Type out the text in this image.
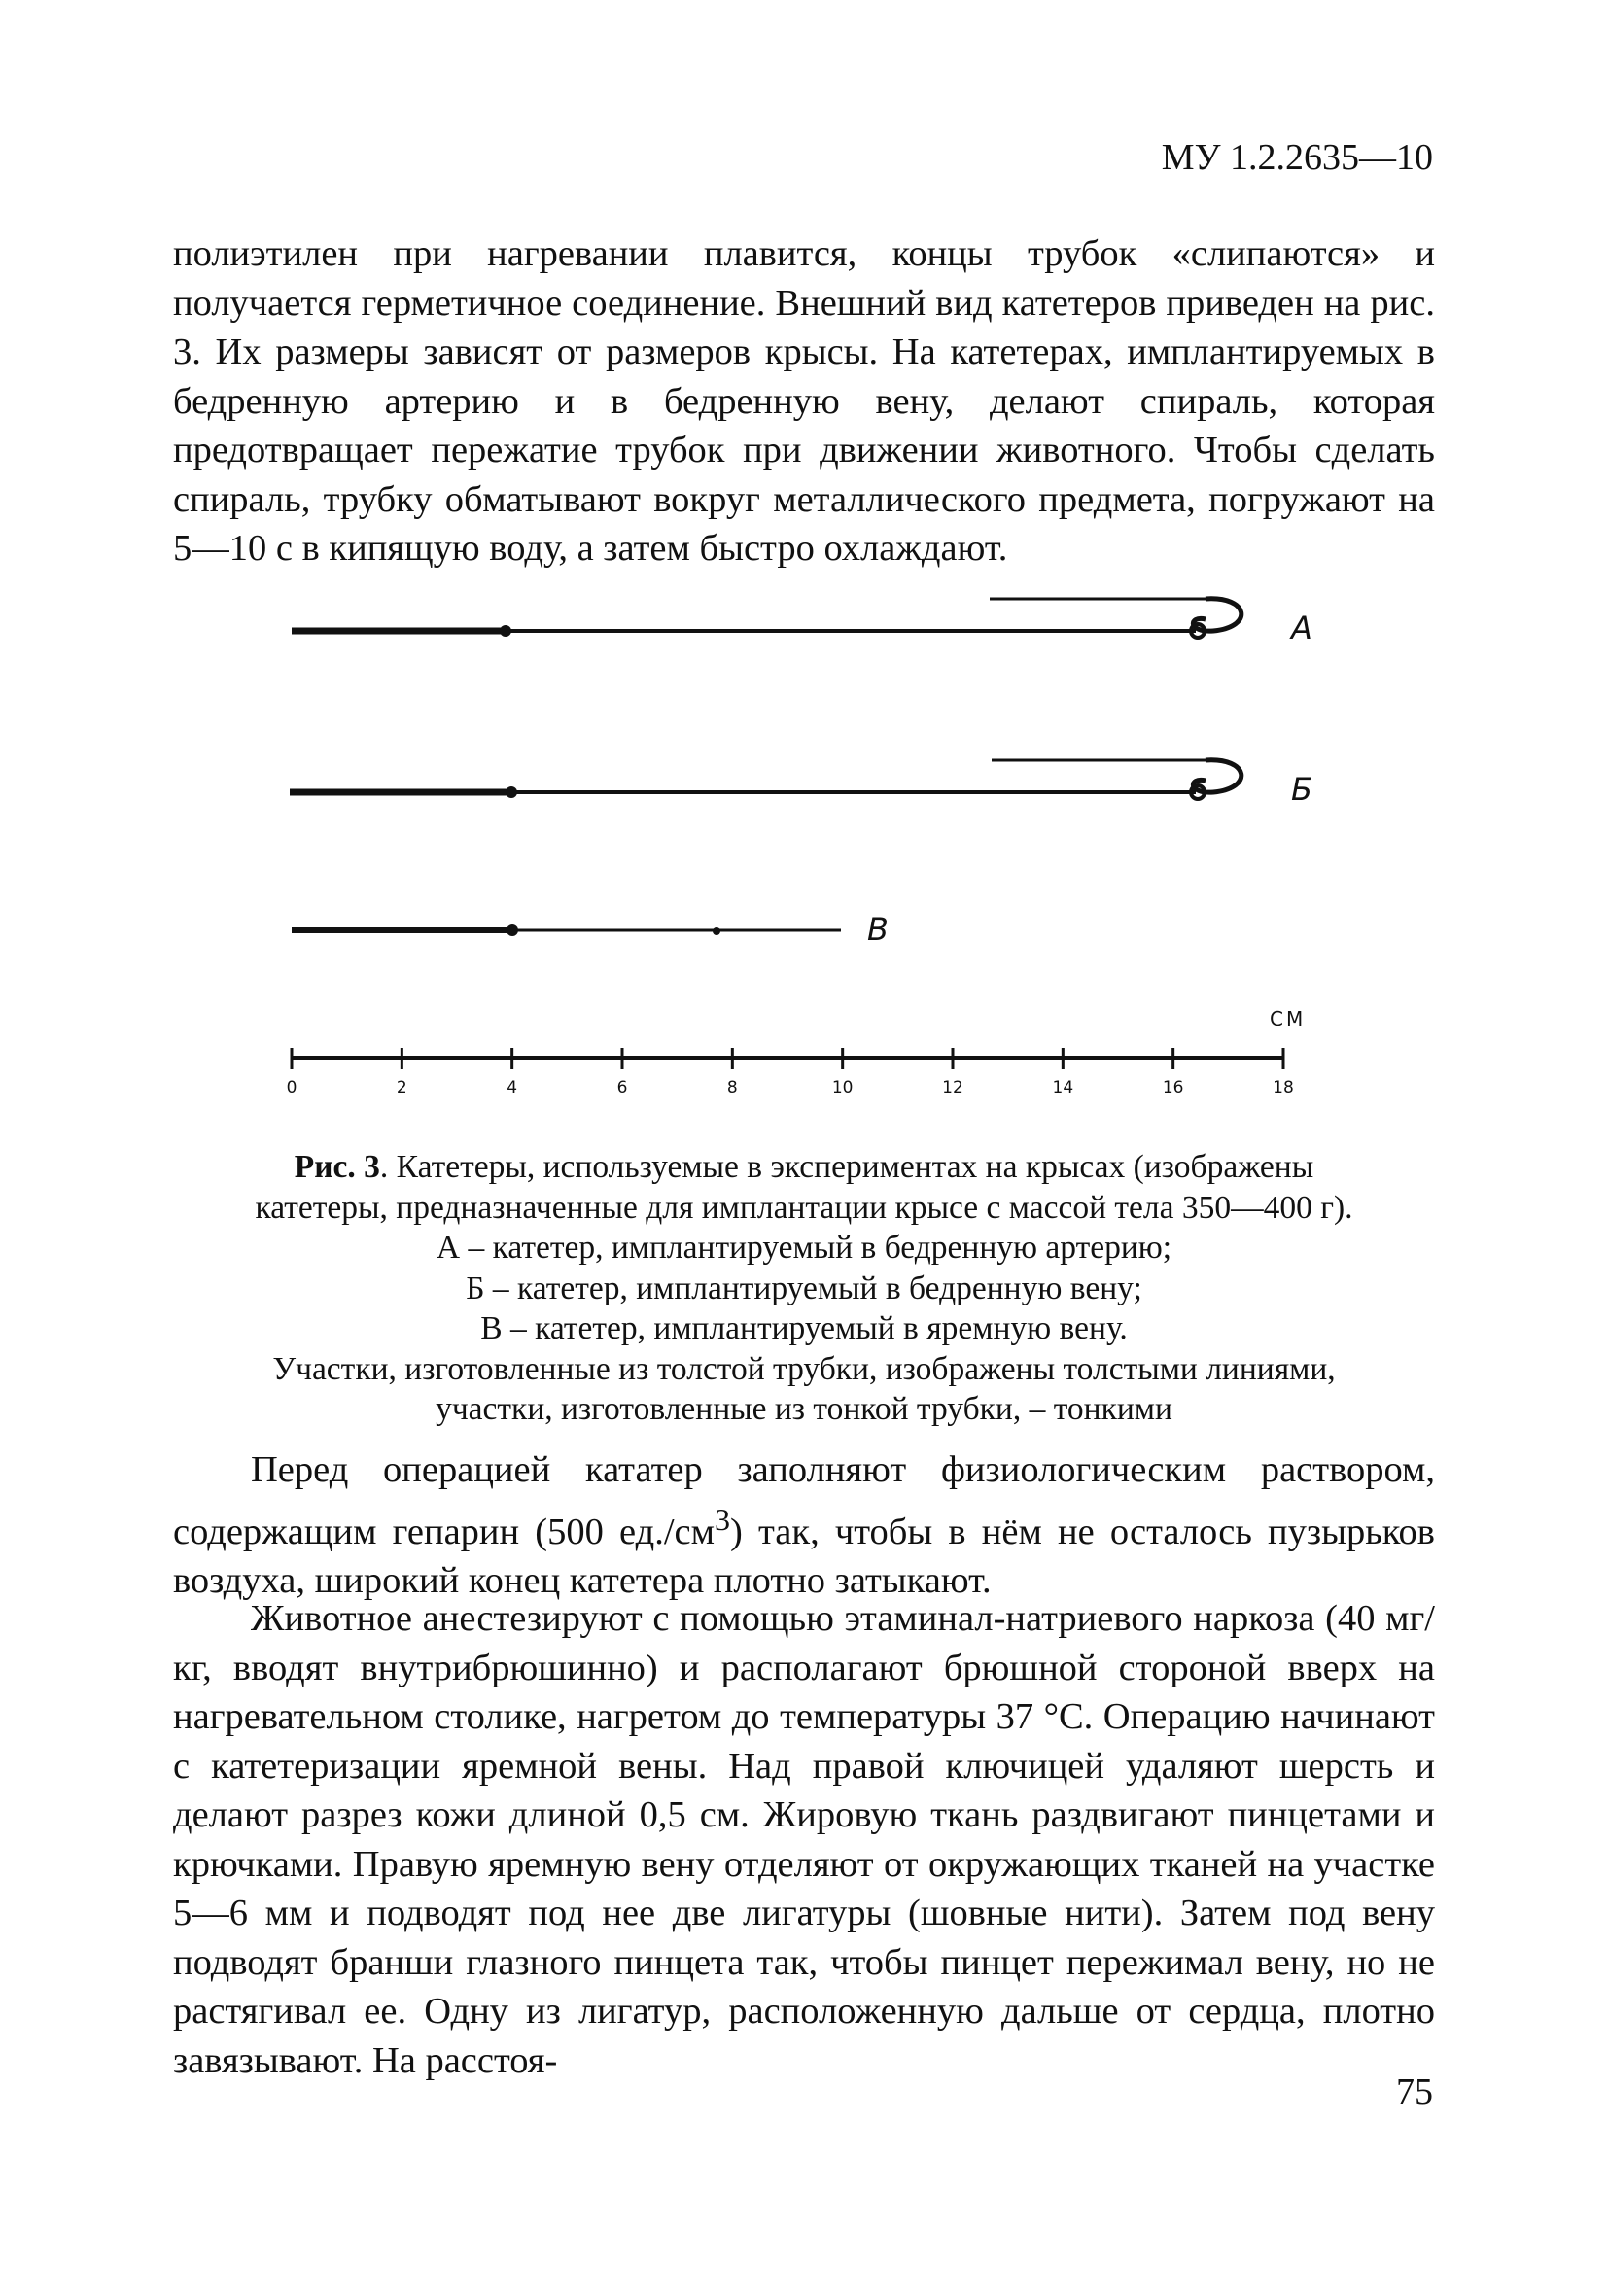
МУ 1.2.2635—10

полиэтилен при нагревании плавится, концы трубок «слипаются» и получается герметичное соединение. Внешний вид катетеров приведен на рис. 3. Их размеры зависят от размеров крысы. На катетерах, имплантируемых в бедренную артерию и в бедренную вену, делают спираль, которая предотвращает пережатие трубок при движении животного. Чтобы сделать спираль, трубку обматывают вокруг металлического предмета, погружают на 5—10 с в кипящую воду, а затем быстро охлаждают.

А
Б
В
СМ
0	2	4	6	8	10	12	14	16	18
Рис. 3. Катетеры, используемые в экспериментах на крысах (изображены
катетеры, предназначенные для имплантации крысе с массой тела 350—400 г).
А – катетер, имплантируемый в бедренную артерию;
Б – катетер, имплантируемый в бедренную вену;
В – катетер, имплантируемый в яремную вену.
Участки, изготовленные из толстой трубки, изображены толстыми линиями,
участки, изготовленные из тонкой трубки, – тонкими

Перед операцией кататер заполняют физиологическим раствором, содержащим гепарин (500 $ед./см^3$) так, чтобы в нём не осталось пузырьков воздуха, широкий конец катетера плотно затыкают.

Животное анестезируют с помощью этаминал-натриевого наркоза (40 мг/кг, вводят внутрибрюшинно) и располагают брюшной стороной вверх на нагревательном столике, нагретом до температуры 37 °С. Операцию начинают с катетеризации яремной вены. Над правой ключицей удаляют шерсть и делают разрез кожи длиной 0,5 см. Жировую ткань раздвигают пинцетами и крючками. Правую яремную вену отделяют от окружающих тканей на участке 5—6 мм и подводят под нее две лигатуры (шовные нити). Затем под вену подводят бранши глазного пинцета так, чтобы пинцет пережимал вену, но не растягивал ее. Одну из лигатур, расположенную дальше от сердца, плотно завязывают. На расстоя-

75
